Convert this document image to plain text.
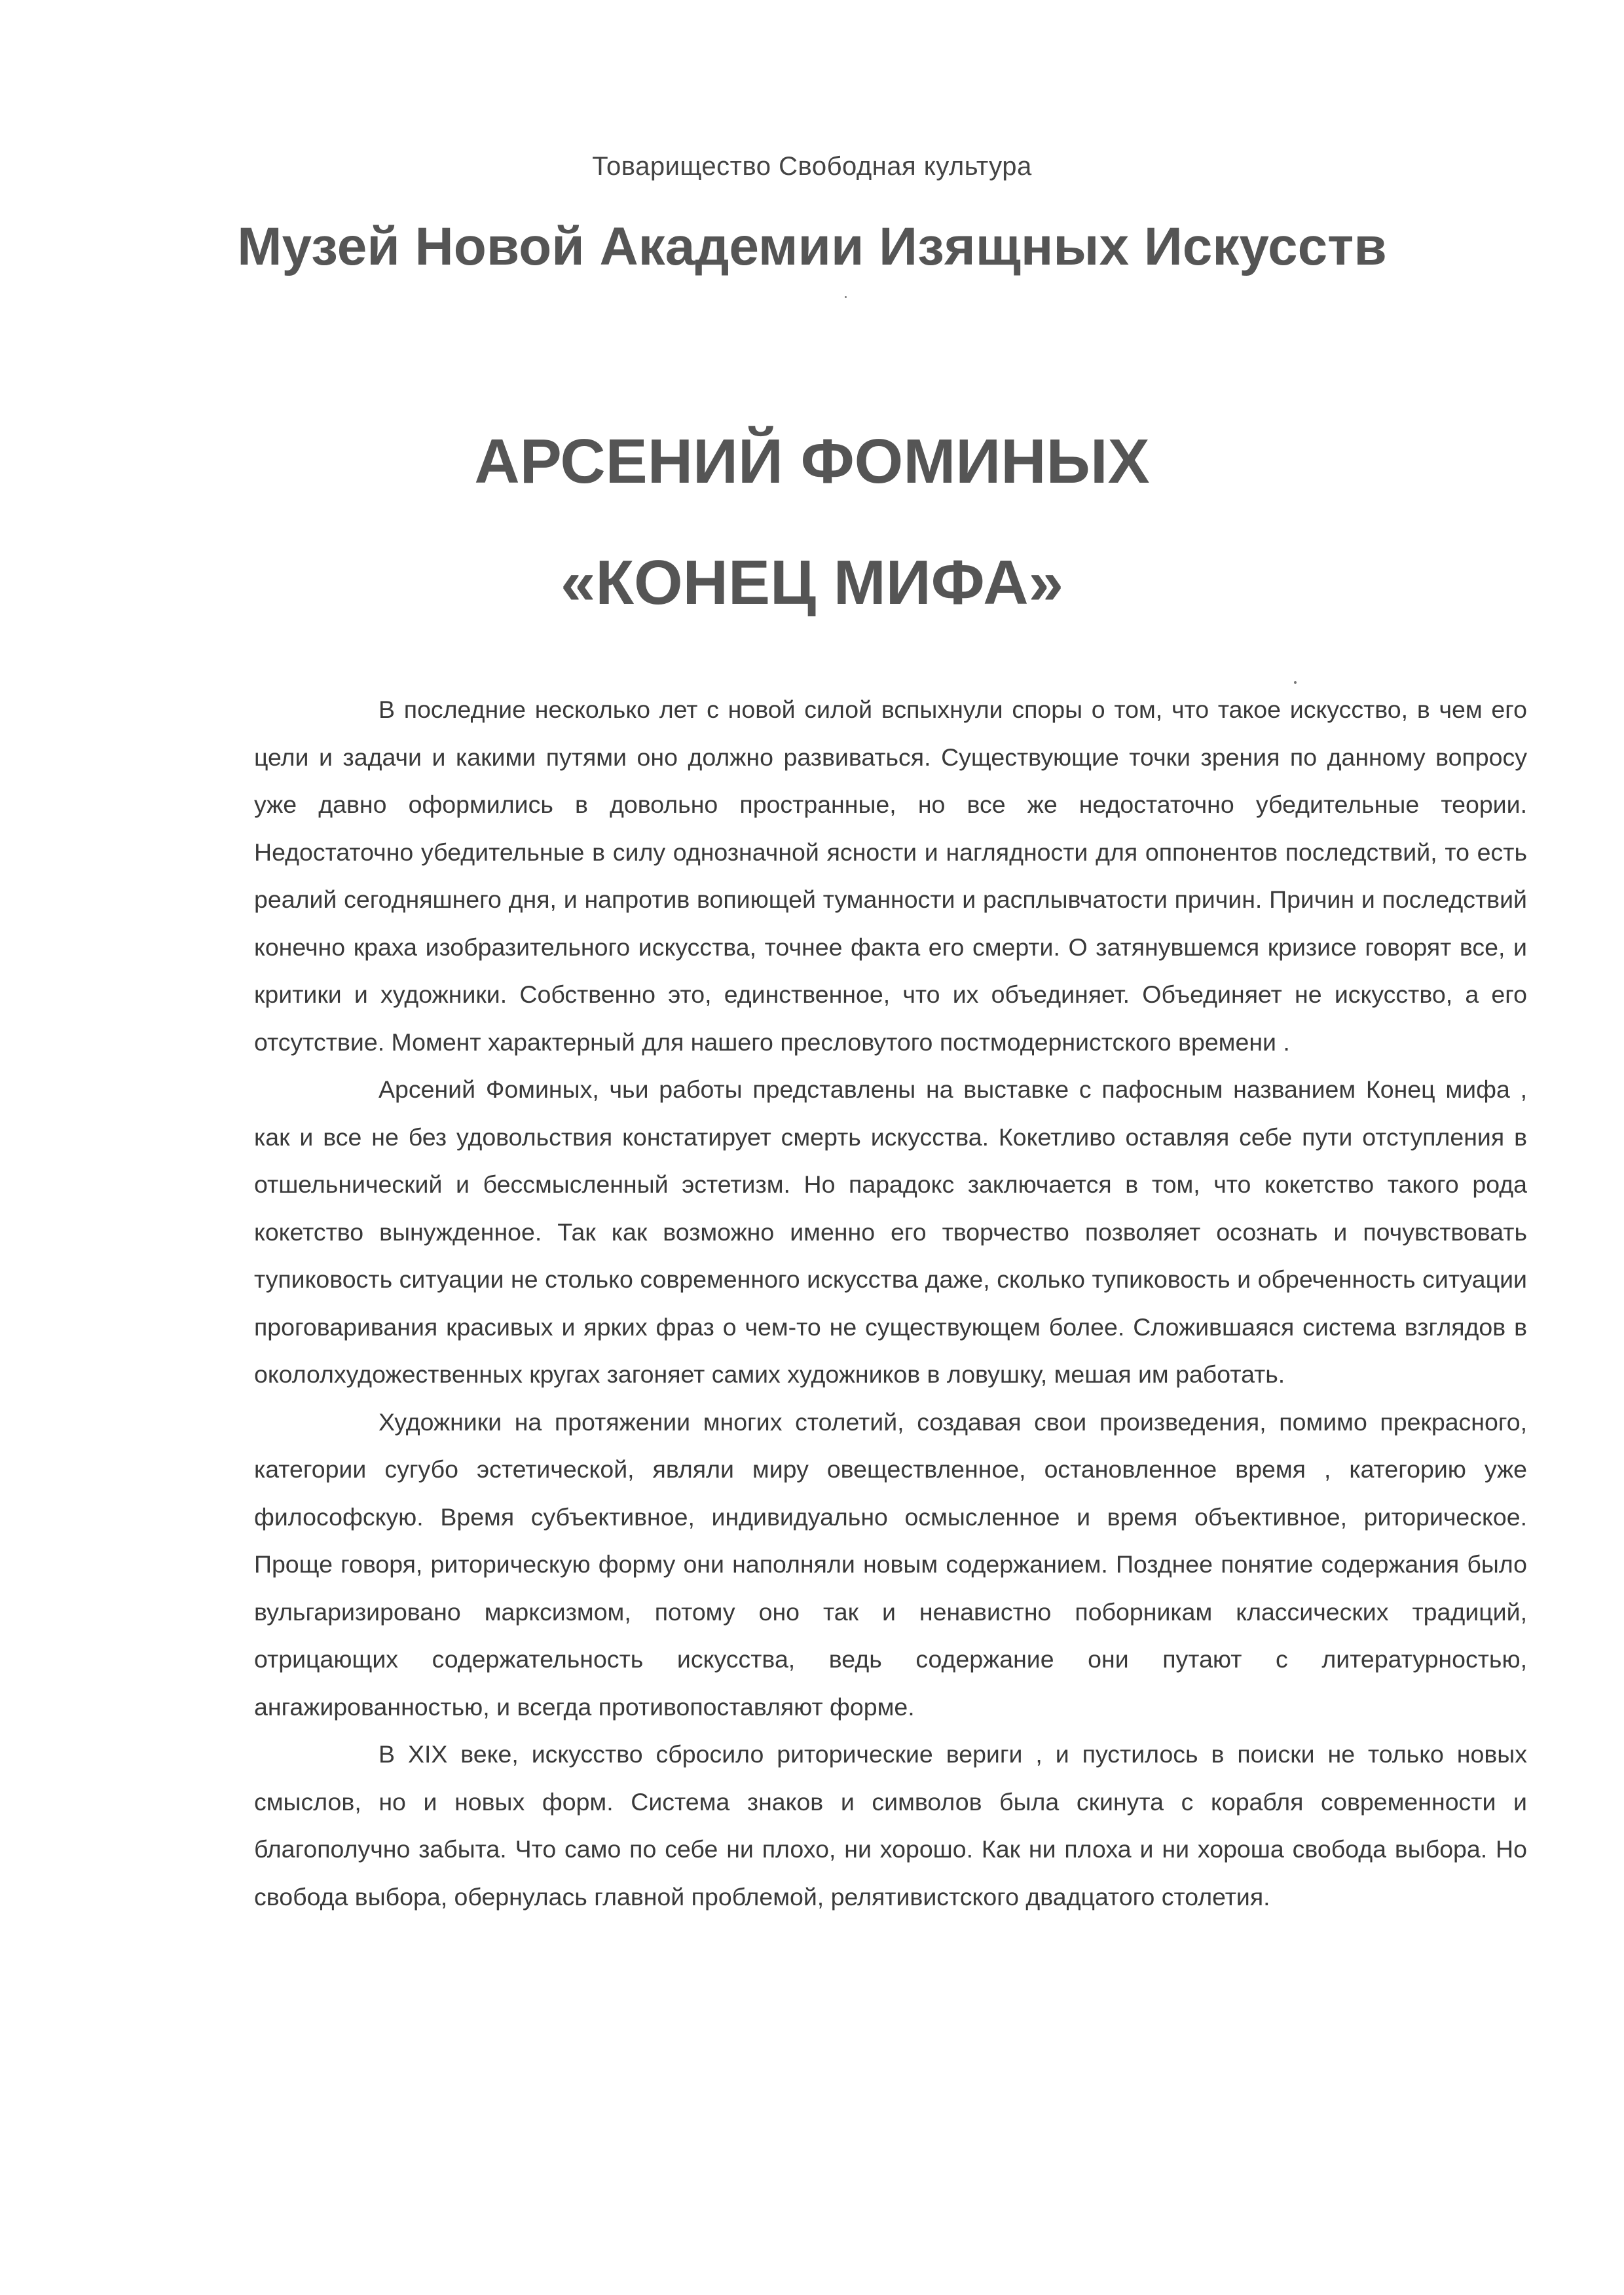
Товарищество Свободная культура
Музей Новой Академии Изящных Искусств
АРСЕНИЙ ФОМИНЫХ
«КОНЕЦ МИФА»

В последние несколько лет с новой силой вспыхнули споры о том, что такое искусство, в чем его цели и задачи и какими путями оно должно развиваться. Существующие точки зрения по данному вопросу уже давно оформились в довольно пространные, но все же недостаточно убедительные теории. Недостаточно убедительные в силу однозначной ясности и наглядности для оппонентов последствий, то есть реалий сегодняшнего дня, и напротив вопиющей туманности и расплывчатости причин. Причин и последствий конечно краха изобразительного искусства, точнее факта его смерти. О затянувшемся кризисе говорят все, и критики и художники. Собственно это, единственное, что их объединяет. Объединяет не искусство, а его отсутствие. Момент характерный для нашего пресловутого постмодернистского времени .

Арсений Фоминых, чьи работы представлены на выставке с пафосным названием Конец мифа , как и все не без удовольствия констатирует смерть искусства. Кокетливо оставляя себе пути отступления в отшельнический и бессмысленный эстетизм. Но парадокс заключается в том, что кокетство такого рода кокетство вынужденное. Так как возможно именно его творчество позволяет осознать и почувствовать тупиковость ситуации не столько современного искусства даже, сколько тупиковость и обреченность ситуации проговаривания красивых и ярких фраз о чем-то не существующем более. Сложившаяся система взглядов в окололхудожественных кругах загоняет самих художников в ловушку, мешая им работать.

Художники на протяжении многих столетий, создавая свои произведения, помимо прекрасного, категории сугубо эстетической, являли миру овеществленное, остановленное время , категорию уже философскую. Время субъективное, индивидуально осмысленное и время объективное, риторическое. Проще говоря, риторическую форму они наполняли новым содержанием. Позднее понятие содержания было вульгаризировано марксизмом, потому оно так и ненавистно поборникам классических традиций, отрицающих содержательность искусства, ведь содержание они путают с литературностью, ангажированностью, и всегда противопоставляют форме.

В XIX веке, искусство сбросило риторические вериги , и пустилось в поиски не только новых смыслов, но и новых форм. Система знаков и символов была скинута с корабля современности и благополучно забыта. Что само по себе ни плохо, ни хорошо. Как ни плоха и ни хороша свобода выбора. Но свобода выбора, обернулась главной проблемой, релятивистского двадцатого столетия.
